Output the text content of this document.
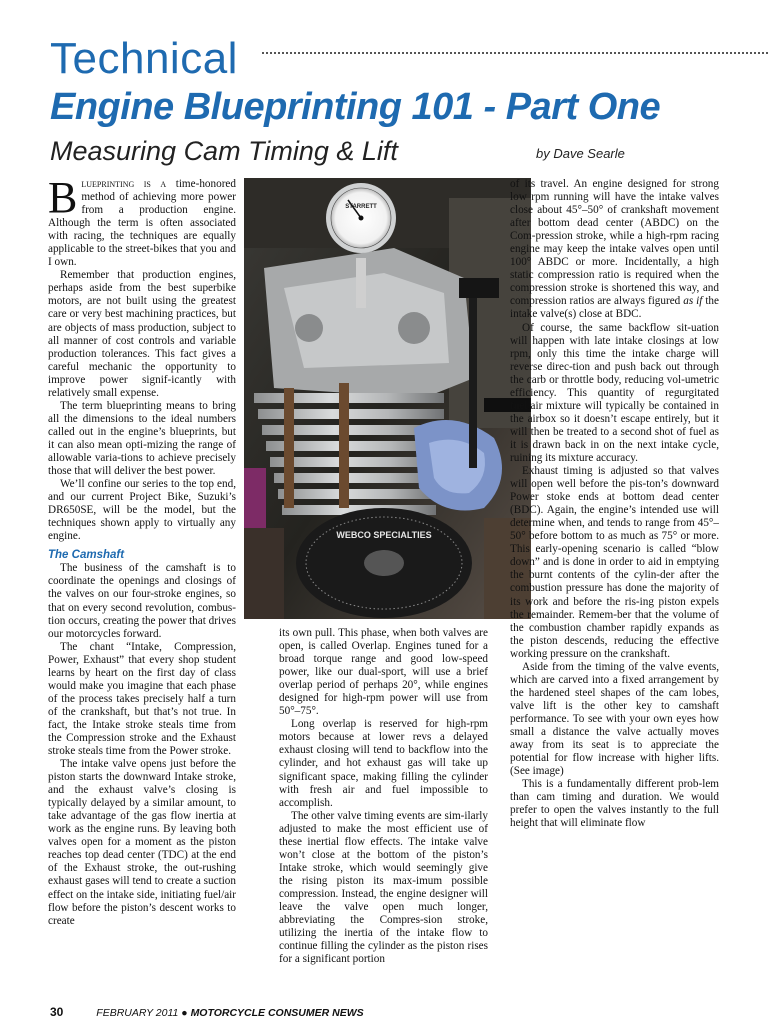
Technical
Engine Blueprinting 101 - Part One
Measuring Cam Timing & Lift	by Dave Searle

Blueprinting is a time-honored method of achieving more power from a production engine. Although the term is often associated with racing, the techniques are equally applicable to the street-bikes that you and I own.

Remember that production engines, perhaps aside from the best superbike motors, are not built using the greatest care or very best machining practices, but are objects of mass production, subject to all manner of cost controls and variable production tolerances. This fact gives a careful mechanic the opportunity to improve power signif-icantly with relatively small expense.

The term blueprinting means to bring all the dimensions to the ideal numbers called out in the engine’s blueprints, but it can also mean opti-mizing the range of allowable varia-tions to achieve precisely those that will deliver the best power.

We’ll confine our series to the top end, and our current Project Bike, Suzuki’s DR650SE, will be the model, but the techniques shown apply to virtually any engine.

The Camshaft

The business of the camshaft is to coordinate the openings and closings of the valves on our four-stroke engines, so that on every second revolution, combus-tion occurs, creating the power that drives our motorcycles forward.

The chant “Intake, Compression, Power, Exhaust” that every shop student learns by heart on the first day of class would make you imagine that each phase of the process takes precisely half a turn of the crankshaft, but that’s not true. In fact, the Intake stroke steals time from the Compression stroke and the Exhaust stroke steals time from the Power stroke.

The intake valve opens just before the piston starts the downward Intake stroke, and the exhaust valve’s closing is typically delayed by a similar amount, to take advantage of the gas flow inertia at work as the engine runs. By leaving both valves open for a moment as the piston reaches top dead center (TDC) at the end of the Exhaust stroke, the out-rushing exhaust gases will tend to create a suction effect on the intake side, initiating fuel/air flow before the piston’s descent works to create

STARRETT
WEBCO SPECIALTIES

its own pull. This phase, when both valves are open, is called Overlap. Engines tuned for a broad torque range and good low-speed power, like our dual-sport, will use a brief overlap period of perhaps 20°, while engines designed for high-rpm power will use from 50°–75°.

Long overlap is reserved for high-rpm motors because at lower revs a delayed exhaust closing will tend to backflow into the cylinder, and hot exhaust gas will take up significant space, making filling the cylinder with fresh air and fuel impossible to accomplish.

The other valve timing events are sim-ilarly adjusted to make the most efficient use of these inertial flow effects. The intake valve won’t close at the bottom of the piston’s Intake stroke, which would seemingly give the rising piston its max-imum possible compression. Instead, the engine designer will leave the valve open much longer, abbreviating the Compres-sion stroke, utilizing the inertia of the intake flow to continue filling the cylinder as the piston rises for a significant portion

of its travel. An engine designed for strong low rpm running will have the intake valves close about 45°–50° of crankshaft movement after bottom dead center (ABDC) on the Com-pression stroke, while a high-rpm racing engine may keep the intake valves open until 100° ABDC or more. Incidentally, a high static compression ratio is required when the compression stroke is shortened this way, and compression ratios are always figured as if the intake valve(s) close at BDC.

Of course, the same backflow sit-uation will happen with late intake closings at low rpm, only this time the intake charge will reverse direc-tion and push back out through the carb or throttle body, reducing vol-umetric efficiency. This quantity of regurgitated fuel/air mixture will typically be contained in the airbox so it doesn’t escape entirely, but it will then be treated to a second shot of fuel as it is drawn back in on the next intake cycle, ruining its mixture accuracy.

Exhaust timing is adjusted so that valves will open well before the pis-ton’s downward Power stoke ends at bottom dead center (BDC). Again, the engine’s intended use will determine when, and tends to range from 45°–50° before bottom to as much as 75° or more. This early-opening scenario is called “blow down” and is done in order to aid in emptying the burnt contents of the cylin-der after the combustion pressure has done the majority of its work and before the ris-ing piston expels the remainder. Remem-ber that the volume of the combustion chamber rapidly expands as the piston descends, reducing the effective working pressure on the crankshaft.

Aside from the timing of the valve events, which are carved into a fixed arrangement by the hardened steel shapes of the cam lobes, valve lift is the other key to camshaft performance. To see with your own eyes how small a distance the valve actually moves away from its seat is to appreciate the potential for flow increase with higher lifts. (See image)

This is a fundamentally different prob-lem than cam timing and duration. We would prefer to open the valves instantly to the full height that will eliminate flow

30	FEBRUARY 2011 ● MOTORCYCLE CONSUMER NEWS
